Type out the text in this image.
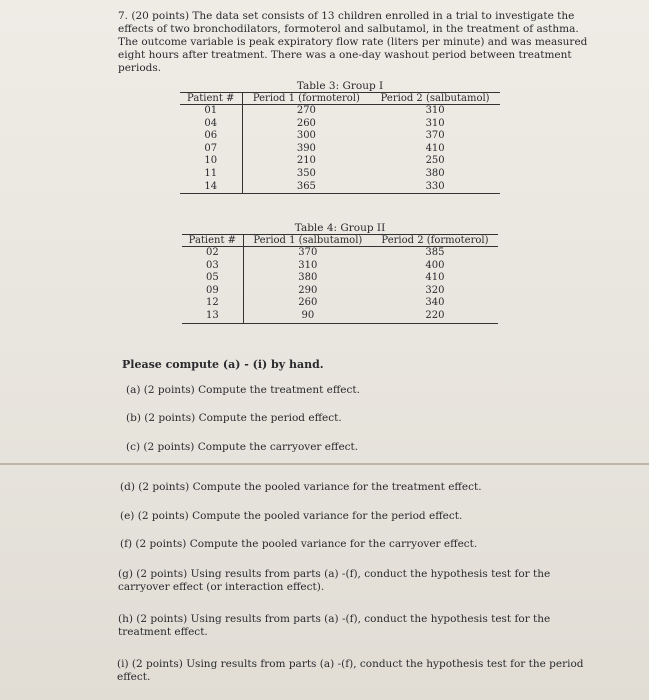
7. (20 points) The data set consists of 13 children enrolled in a trial to investigate the effects of two bronchodilators, formoterol and salbutamol, in the treatment of asthma. The outcome variable is peak expiratory flow rate (liters per minute) and was measured eight hours after treatment. There was a one-day washout period between treatment periods.
Table 3: Group I
Patient #	Period 1 (formoterol)	Period 2 (salbutamol)
01	270	310
04	260	310
06	300	370
07	390	410
10	210	250
11	350	380
14	365	330
Table 4: Group II
Patient #	Period 1 (salbutamol)	Period 2 (formoterol)
02	370	385
03	310	400
05	380	410
09	290	320
12	260	340
13	90	220
Please compute (a) - (i) by hand.
(a) (2 points) Compute the treatment effect.
(b) (2 points) Compute the period effect.
(c) (2 points) Compute the carryover effect.
(d) (2 points) Compute the pooled variance for the treatment effect.
(e) (2 points) Compute the pooled variance for the period effect.
(f) (2 points) Compute the pooled variance for the carryover effect.
(g) (2 points) Using results from parts (a) -(f), conduct the hypothesis test for the carryover effect (or interaction effect).
(h) (2 points) Using results from parts (a) -(f), conduct the hypothesis test for the treatment effect.
(i) (2 points) Using results from parts (a) -(f), conduct the hypothesis test for the period effect.
